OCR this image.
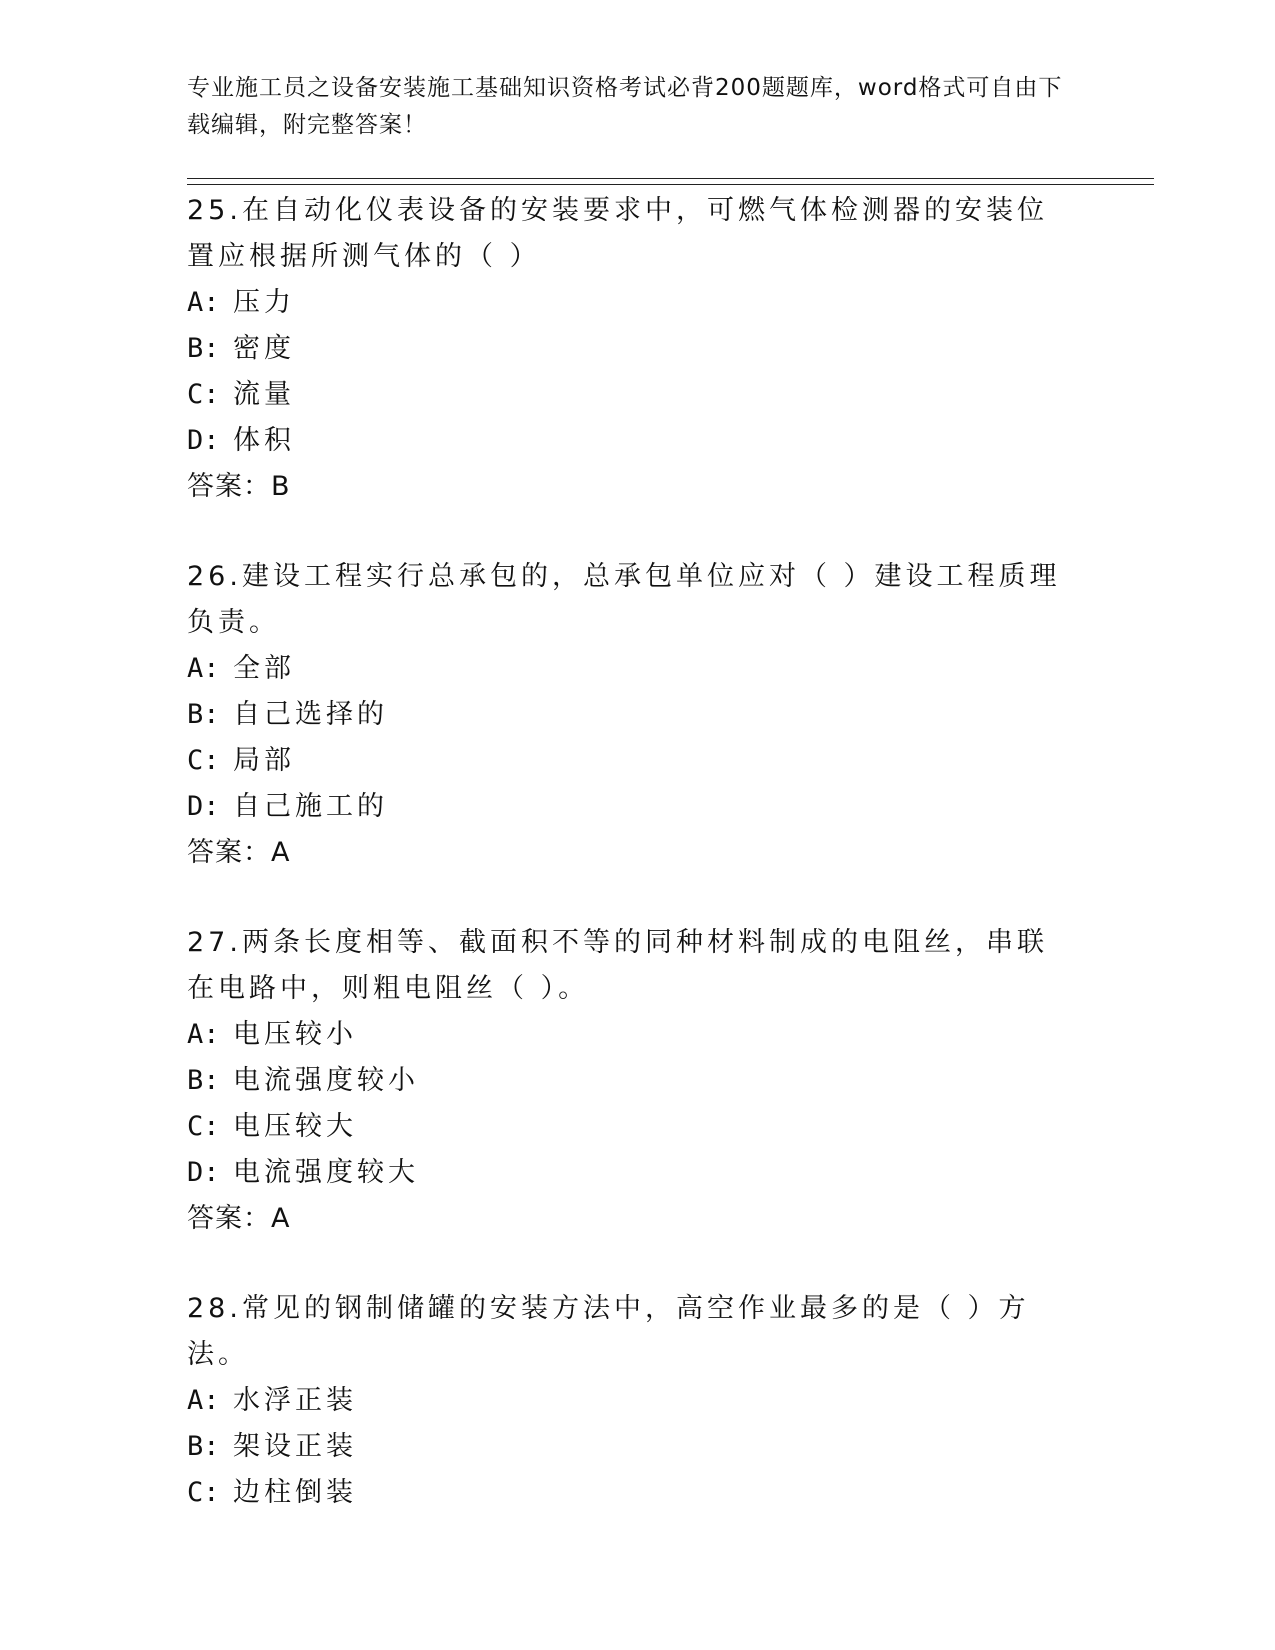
专业施工员之设备安装施工基础知识资格考试必背200题题库，word格式可自由下载编辑，附完整答案！

25.在自动化仪表设备的安装要求中，可燃气体检测器的安装位置应根据所测气体的（ ）

A: 压力
B: 密度
C: 流量
D: 体积
答案：B

26.建设工程实行总承包的，总承包单位应对（ ）建设工程质理负责。

A: 全部
B: 自己选择的
C: 局部
D: 自己施工的
答案：A

27.两条长度相等、截面积不等的同种材料制成的电阻丝，串联在电路中，则粗电阻丝（ ）。

A: 电压较小
B: 电流强度较小
C: 电压较大
D: 电流强度较大
答案：A

28.常见的钢制储罐的安装方法中，高空作业最多的是（ ）方法。

A: 水浮正装
B: 架设正装
C: 边柱倒装
